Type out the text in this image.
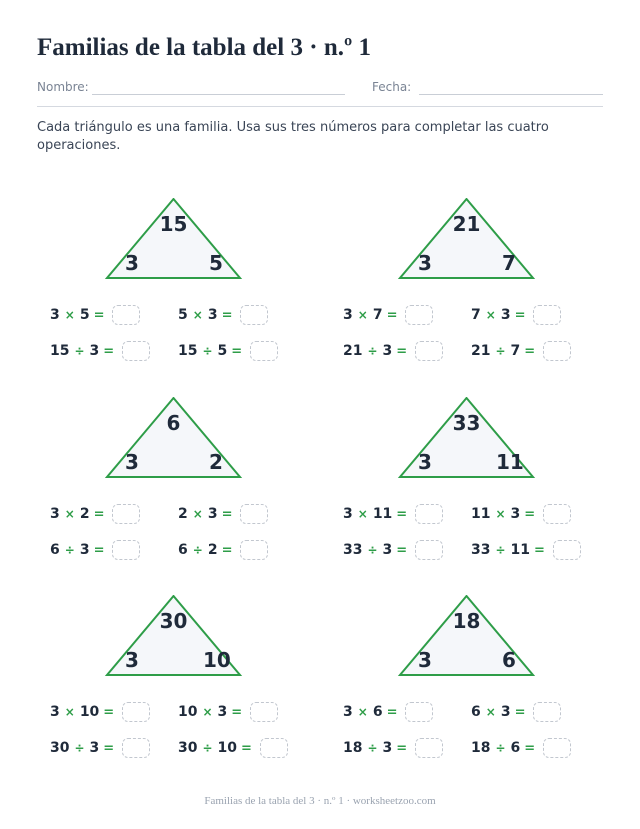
Familias de la tabla del 3 · n.º 1
Nombre:	Fecha:

Cada triángulo es una familia. Usa sus tres números para completar las cuatro operaciones.

15
3	5
3 × 5 =	5 × 3 =
15 ÷ 3 =	15 ÷ 5 =
21
3	7
3 × 7 =	7 × 3 =
21 ÷ 3 =	21 ÷ 7 =
6
3	2
3 × 2 =	2 × 3 =
6 ÷ 3 =	6 ÷ 2 =
33
3	11
3 × 11 =	11 × 3 =
33 ÷ 3 =	33 ÷ 11 =
30
3	10
3 × 10 =	10 × 3 =
30 ÷ 3 =	30 ÷ 10 =
18
3	6
3 × 6 =	6 × 3 =
18 ÷ 3 =	18 ÷ 6 =
Familias de la tabla del 3 · n.º 1 · worksheetzoo.com
